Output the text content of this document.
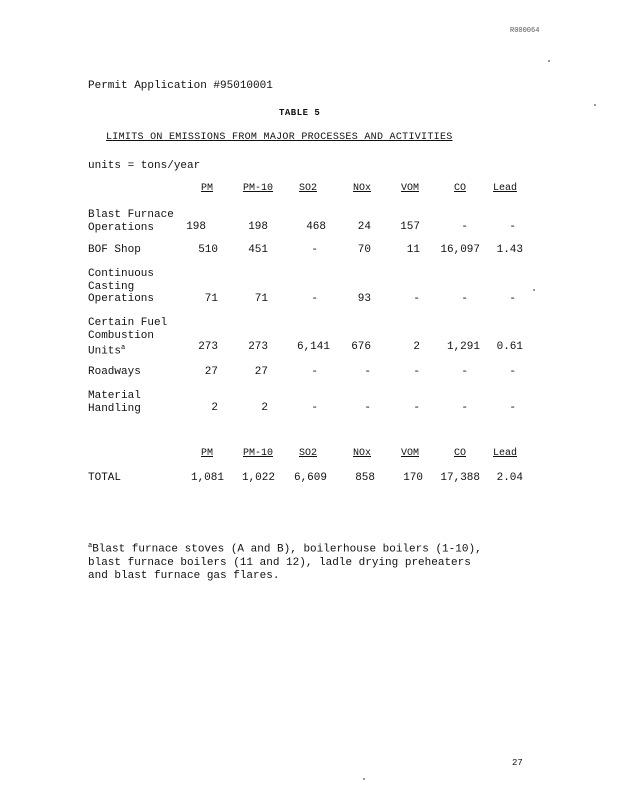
R000064
Permit Application #95010001
TABLE 5
LIMITS ON EMISSIONS FROM MAJOR PROCESSES AND ACTIVITIES
units = tons/year
PM	PM-10	SO2	NOx	VOM	CO	Lead
Blast Furnace
Operations	198	198	468	24	157	-	-
BOF Shop	510	451	-	70	11	16,097	1.43
Continuous
Casting
Operations	71	71	-	93	-	-	-
Certain Fuel
Combustion
Units$^a$	273	273	6,141	676	2	1,291	0.61
Roadways	27	27	-	-	-	-	-
Material
Handling	2	2	-	-	-	-	-
PM	PM-10	SO2	NOx	VOM	CO	Lead
TOTAL	1,081	1,022	6,609	858	170	17,388	2.04
$^a$Blast furnace stoves (A and B), boilerhouse boilers (1-10),
blast furnace boilers (11 and 12), ladle drying preheaters
and blast furnace gas flares.
27
